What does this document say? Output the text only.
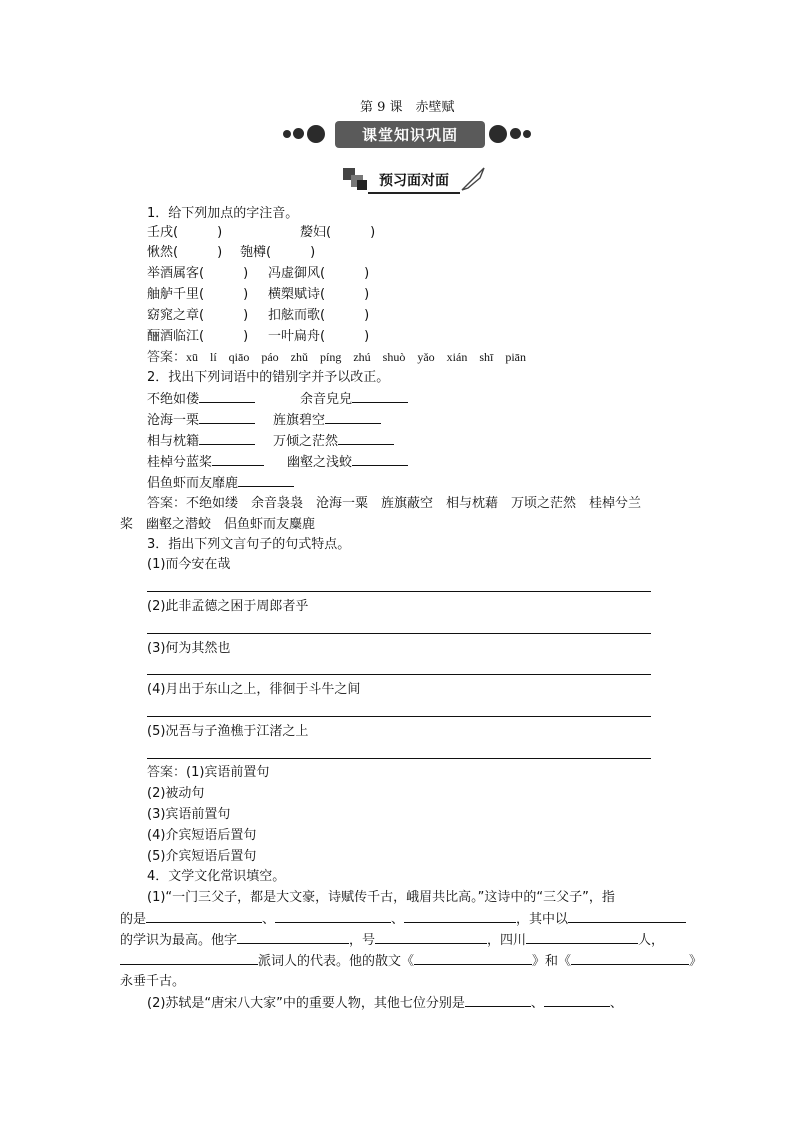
第 9 课　赤壁赋
课堂知识巩固
预习面对面
1．给下列加点的字注音。
壬戌(　　　)	嫠妇(　　　)
愀然(　　　) 匏樽(　　　)
举酒属客(　　　) 冯虚御风(　　　)
舳舻千里(　　　) 横槊赋诗(　　　)
窈窕之章(　　　) 扣舷而歌(　　　)
酾酒临江(　　　) 一叶扁舟(　　　)
答案：xū　lí　qiāo　páo　zhǔ　píng　zhú　shuò　yǎo　xián　shī　piān
2．找出下列词语中的错别字并予以改正。
不绝如偻	余音皃皃
沧海一栗	旌旗碧空
相与枕籍	万倾之茫然
桂棹兮蓝桨	幽壑之浅蛟
侣鱼虾而友靡鹿
答案：不绝如缕　余音袅袅　沧海一粟　旌旗蔽空　相与枕藉　万顷之茫然　桂棹兮兰
桨　幽壑之潜蛟　侣鱼虾而友麋鹿
3．指出下列文言句子的句式特点。
(1)而今安在哉
(2)此非孟德之困于周郎者乎
(3)何为其然也
(4)月出于东山之上，徘徊于斗牛之间
(5)况吾与子渔樵于江渚之上
答案：(1)宾语前置句
(2)被动句
(3)宾语前置句
(4)介宾短语后置句
(5)介宾短语后置句
4．文学文化常识填空。
(1)“一门三父子，都是大文豪，诗赋传千古，峨眉共比高。”这诗中的“三父子”，指
的是	、	、	，其中以
的学识为最高。他字	，号	，四川	人，
派词人的代表。他的散文《	》和《	》
永垂千古。
(2)苏轼是“唐宋八大家”中的重要人物，其他七位分别是	、	、
